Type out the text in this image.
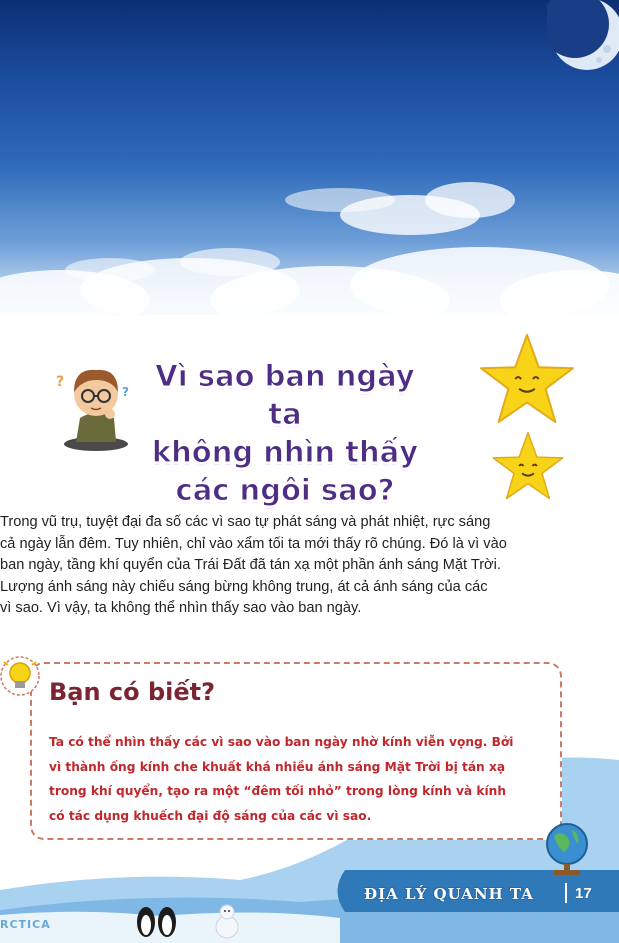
?
? Vì sao ban ngày ta
không nhìn thấy
các ngôi sao?

Trong vũ trụ, tuyệt đại đa số các vì sao tự phát sáng và phát nhiệt, rực sáng
cả ngày lẫn đêm. Tuy nhiên, chỉ vào xẩm tối ta mới thấy rõ chúng. Đó là vì vào
ban ngày, tầng khí quyển của Trái Đất đã tán xạ một phần ánh sáng Mặt Trời.
Lượng ánh sáng này chiếu sáng bừng không trung, át cả ánh sáng của các
vì sao. Vì vậy, ta không thể nhìn thấy sao vào ban ngày.

Bạn có biết?

Ta có thể nhìn thấy các vì sao vào ban ngày nhờ kính viễn vọng. Bởi
vì thành ống kính che khuất khá nhiều ánh sáng Mặt Trời bị tán xạ
trong khí quyển, tạo ra một “đêm tối nhỏ” trong lòng kính và kính
có tác dụng khuếch đại độ sáng của các vì sao.

ĐỊA LÝ QUANH TA	17

RCTICA
